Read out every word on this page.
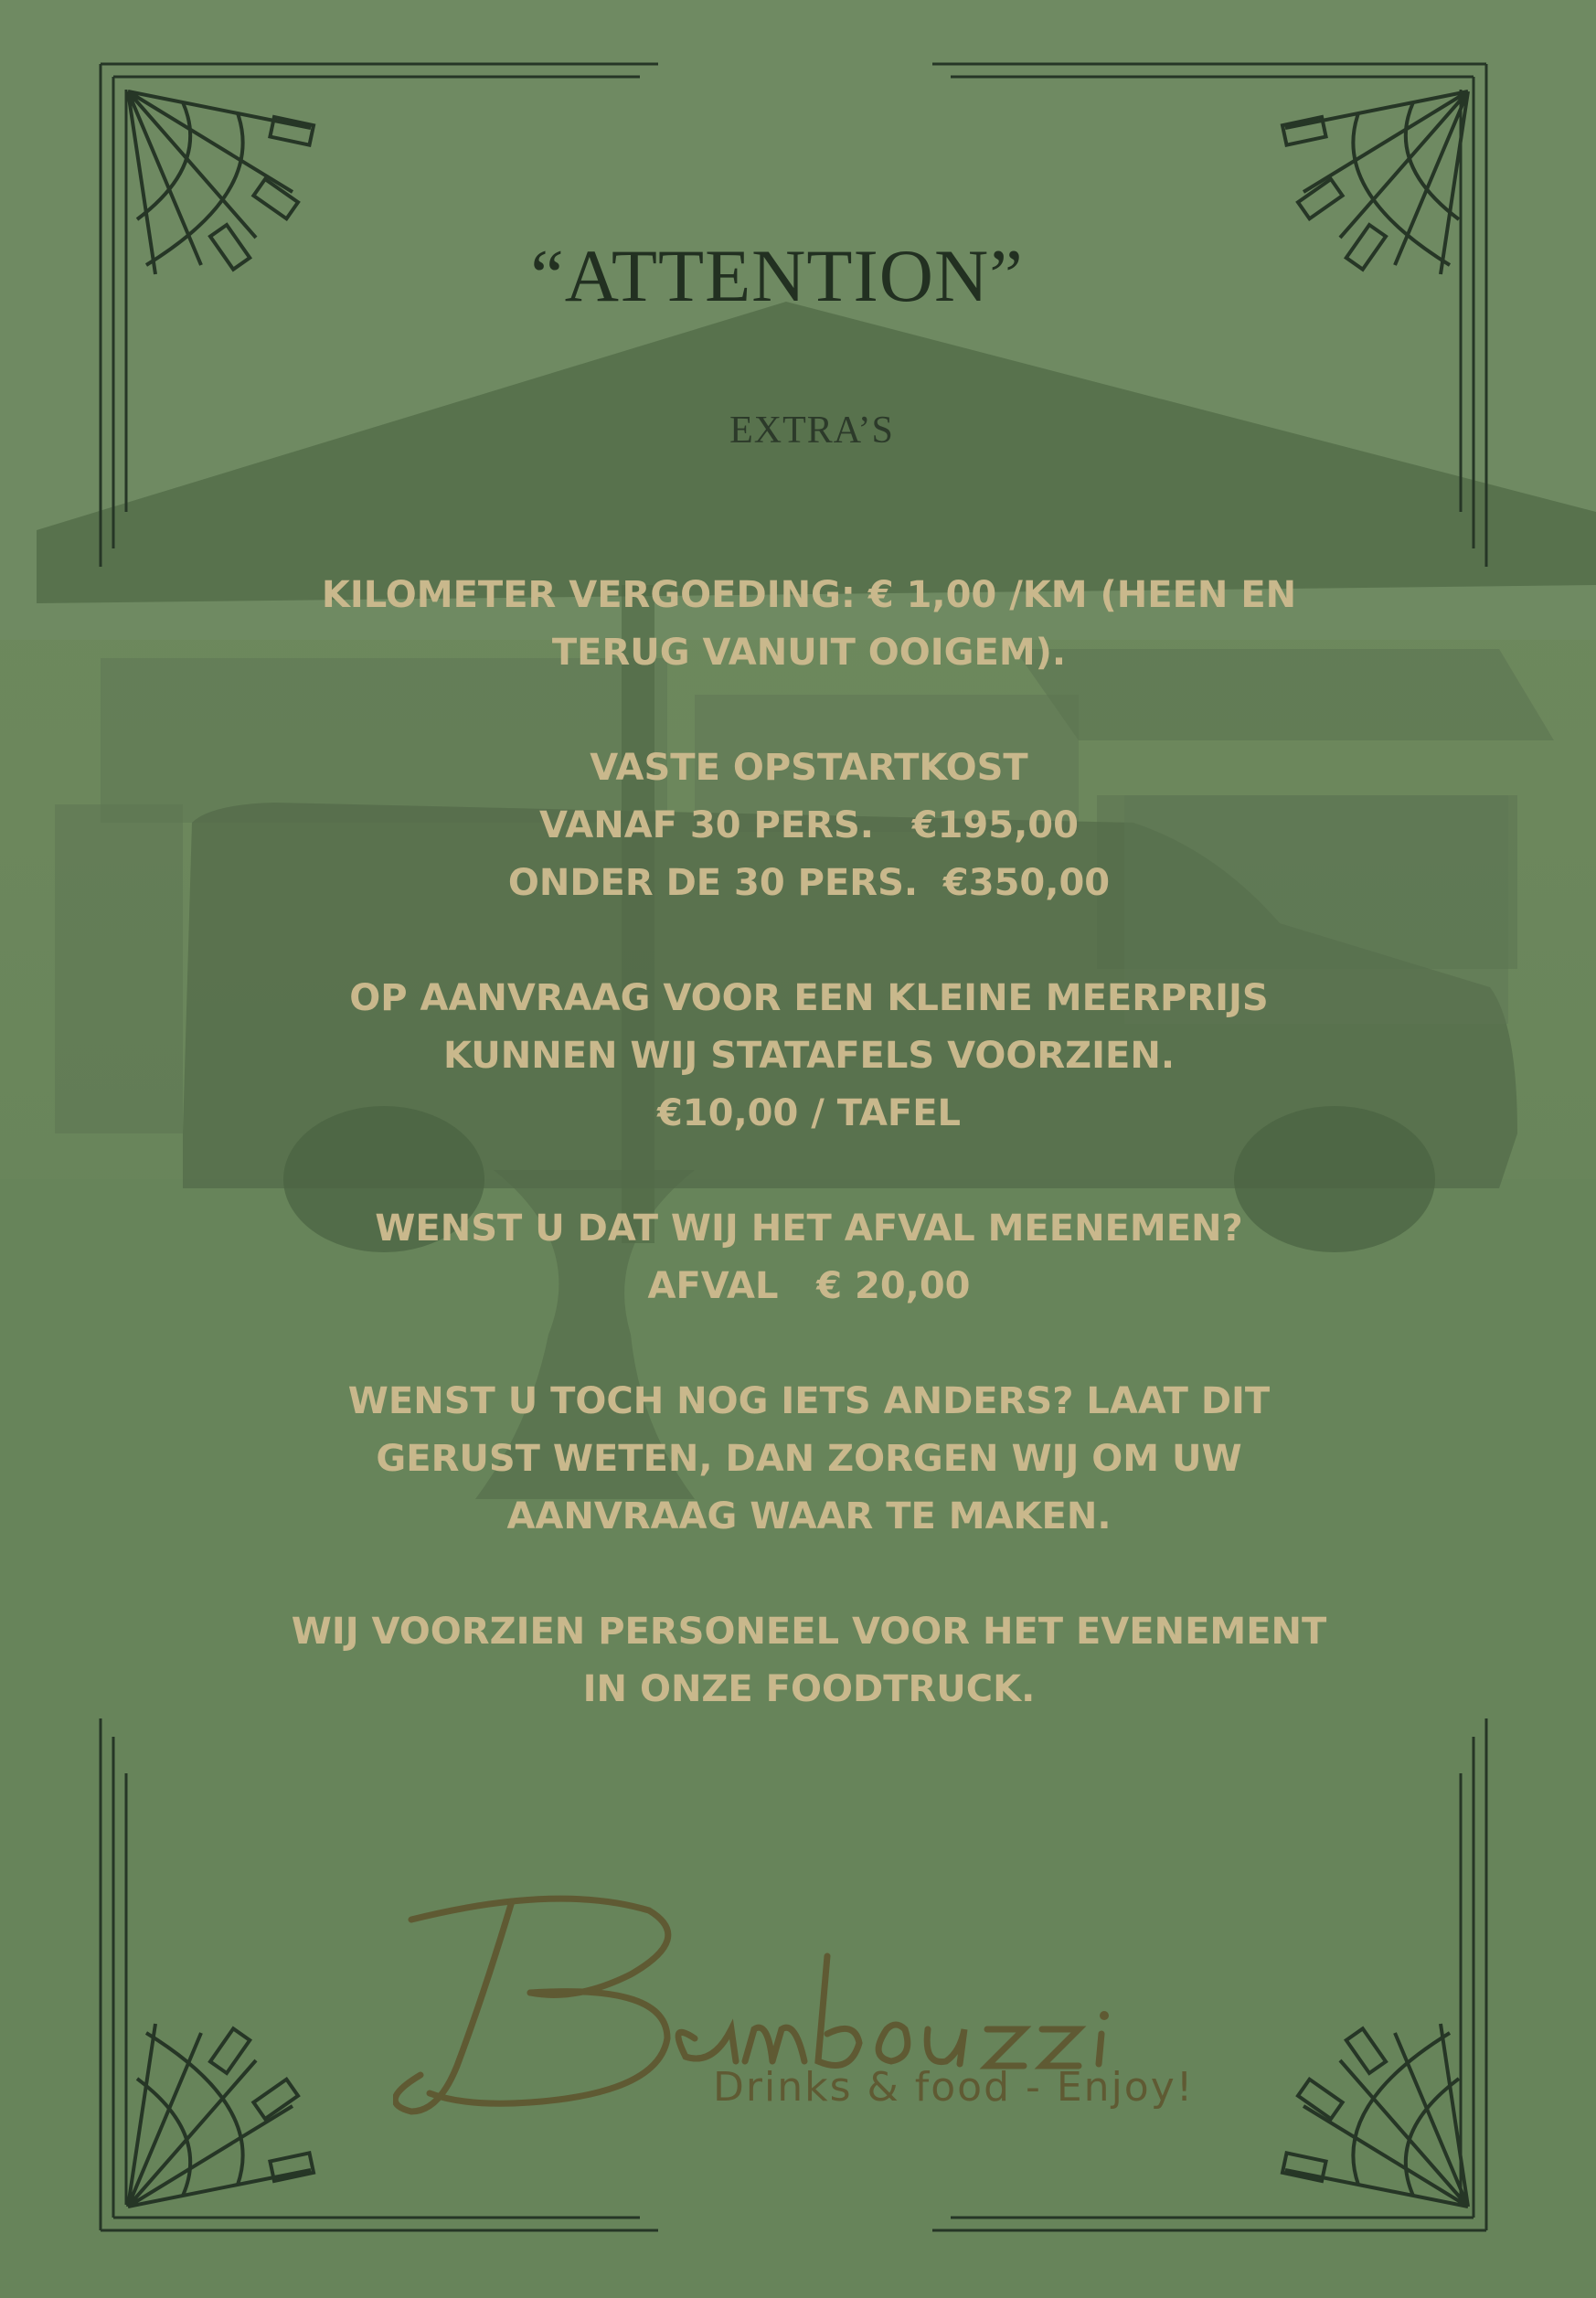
“ATTENTION”
EXTRA’S
KILOMETER VERGOEDING: € 1,00 /KM (HEEN EN
TERUG VANUIT OOIGEM).
VASTE OPSTARTKOST
VANAF 30 PERS.   €195,00
ONDER DE 30 PERS.  €350,00
OP AANVRAAG VOOR EEN KLEINE MEERPRIJS
KUNNEN WIJ STATAFELS VOORZIEN.
€10,00 / TAFEL
WENST U DAT WIJ HET AFVAL MEENEMEN?
AFVAL   € 20,00
WENST U TOCH NOG IETS ANDERS? LAAT DIT
GERUST WETEN, DAN ZORGEN WIJ OM UW
AANVRAAG WAAR TE MAKEN.
WIJ VOORZIEN PERSONEEL VOOR HET EVENEMENT
IN ONZE FOODTRUCK.
Drinks & food - Enjoy!
